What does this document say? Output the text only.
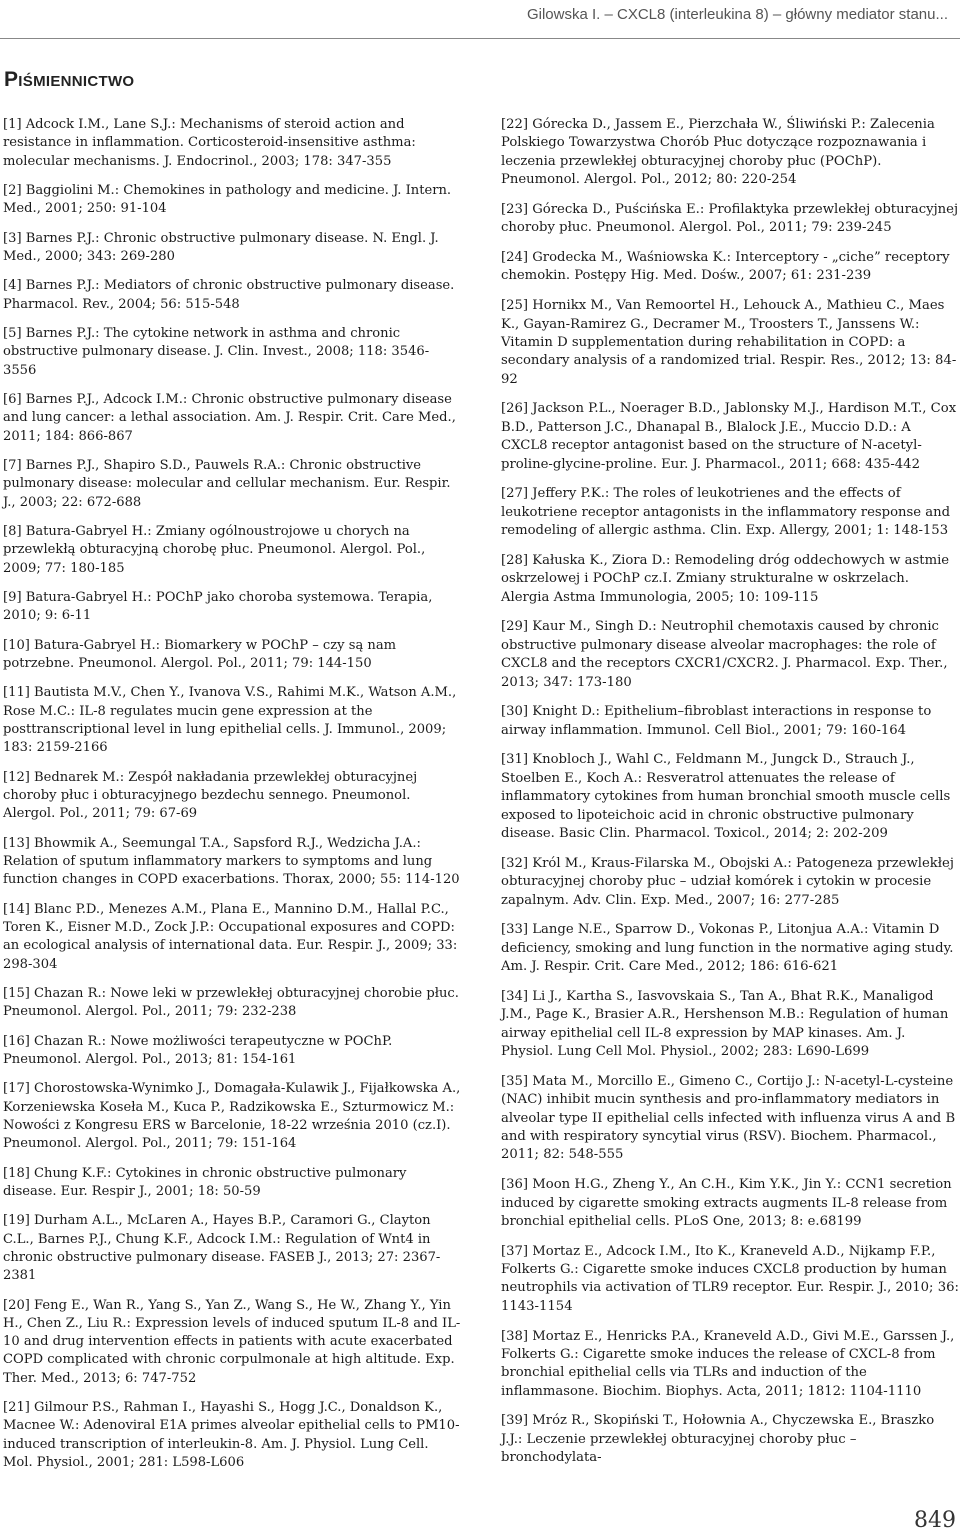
Gilowska I. – CXCL8 (interleukina 8) – główny mediator stanu...
Piśmiennictwo

[1] Adcock I.M., Lane S.J.: Mechanisms of steroid action and resistance in inflammation. Corticosteroid-insensitive asthma: molecular mechanisms. J. Endocrinol., 2003; 178: 347-355

[2] Baggiolini M.: Chemokines in pathology and medicine. J. Intern. Med., 2001; 250: 91-104

[3] Barnes P.J.: Chronic obstructive pulmonary disease. N. Engl. J. Med., 2000; 343: 269-280

[4] Barnes P.J.: Mediators of chronic obstructive pulmonary disease. Pharmacol. Rev., 2004; 56: 515-548

[5] Barnes P.J.: The cytokine network in asthma and chronic obstructive pulmonary disease. J. Clin. Invest., 2008; 118: 3546-3556

[6] Barnes P.J., Adcock I.M.: Chronic obstructive pulmonary disease and lung cancer: a lethal association. Am. J. Respir. Crit. Care Med., 2011; 184: 866-867

[7] Barnes P.J., Shapiro S.D., Pauwels R.A.: Chronic obstructive pulmonary disease: molecular and cellular mechanism. Eur. Respir. J., 2003; 22: 672-688

[8] Batura-Gabryel H.: Zmiany ogólnoustrojowe u chorych na przewlekłą obturacyjną chorobę płuc. Pneumonol. Alergol. Pol., 2009; 77: 180-185

[9] Batura-Gabryel H.: POChP jako choroba systemowa. Terapia, 2010; 9: 6-11

[10] Batura-Gabryel H.: Biomarkery w POChP – czy są nam potrzebne. Pneumonol. Alergol. Pol., 2011; 79: 144-150

[11] Bautista M.V., Chen Y., Ivanova V.S., Rahimi M.K., Watson A.M., Rose M.C.: IL-8 regulates mucin gene expression at the posttranscriptional level in lung epithelial cells. J. Immunol., 2009; 183: 2159-2166

[12] Bednarek M.: Zespół nakładania przewlekłej obturacyjnej choroby płuc i obturacyjnego bezdechu sennego. Pneumonol. Alergol. Pol., 2011; 79: 67-69

[13] Bhowmik A., Seemungal T.A., Sapsford R.J., Wedzicha J.A.: Relation of sputum inflammatory markers to symptoms and lung function changes in COPD exacerbations. Thorax, 2000; 55: 114-120

[14] Blanc P.D., Menezes A.M., Plana E., Mannino D.M., Hallal P.C., Toren K., Eisner M.D., Zock J.P.: Occupational exposures and COPD: an ecological analysis of international data. Eur. Respir. J., 2009; 33: 298-304

[15] Chazan R.: Nowe leki w przewlekłej obturacyjnej chorobie płuc. Pneumonol. Alergol. Pol., 2011; 79: 232-238

[16] Chazan R.: Nowe możliwości terapeutyczne w POChP. Pneumonol. Alergol. Pol., 2013; 81: 154-161

[17] Chorostowska-Wynimko J., Domagała-Kulawik J., Fijałkowska A., Korzeniewska Koseła M., Kuca P., Radzikowska E., Szturmowicz M.: Nowości z Kongresu ERS w Barcelonie, 18-22 września 2010 (cz.I). Pneumonol. Alergol. Pol., 2011; 79: 151-164

[18] Chung K.F.: Cytokines in chronic obstructive pulmonary disease. Eur. Respir J., 2001; 18: 50-59

[19] Durham A.L., McLaren A., Hayes B.P., Caramori G., Clayton C.L., Barnes P.J., Chung K.F., Adcock I.M.: Regulation of Wnt4 in chronic obstructive pulmonary disease. FASEB J., 2013; 27: 2367-2381

[20] Feng E., Wan R., Yang S., Yan Z., Wang S., He W., Zhang Y., Yin H., Chen Z., Liu R.: Expression levels of induced sputum IL-8 and IL-10 and drug intervention effects in patients with acute exacerbated COPD complicated with chronic corpulmonale at high altitude. Exp. Ther. Med., 2013; 6: 747-752

[21] Gilmour P.S., Rahman I., Hayashi S., Hogg J.C., Donaldson K., Macnee W.: Adenoviral E1A primes alveolar epithelial cells to PM10-induced transcription of interleukin-8. Am. J. Physiol. Lung Cell. Mol. Physiol., 2001; 281: L598-L606

[22] Górecka D., Jassem E., Pierzchała W., Śliwiński P.: Zalecenia Polskiego Towarzystwa Chorób Płuc dotyczące rozpoznawania i leczenia przewlekłej obturacyjnej choroby płuc (POChP). Pneumonol. Alergol. Pol., 2012; 80: 220-254

[23] Górecka D., Puścińska E.: Profilaktyka przewlekłej obturacyjnej choroby płuc. Pneumonol. Alergol. Pol., 2011; 79: 239-245

[24] Grodecka M., Waśniowska K.: Interceptory - „ciche” receptory chemokin. Postępy Hig. Med. Dośw., 2007; 61: 231-239

[25] Hornikx M., Van Remoortel H., Lehouck A., Mathieu C., Maes K., Gayan-Ramirez G., Decramer M., Troosters T., Janssens W.: Vitamin D supplementation during rehabilitation in COPD: a secondary analysis of a randomized trial. Respir. Res., 2012; 13: 84-92

[26] Jackson P.L., Noerager B.D., Jablonsky M.J., Hardison M.T., Cox B.D., Patterson J.C., Dhanapal B., Blalock J.E., Muccio D.D.: A CXCL8 receptor antagonist based on the structure of N-acetyl-proline-glycine-proline. Eur. J. Pharmacol., 2011; 668: 435-442

[27] Jeffery P.K.: The roles of leukotrienes and the effects of leukotriene receptor antagonists in the inflammatory response and remodeling of allergic asthma. Clin. Exp. Allergy, 2001; 1: 148-153

[28] Kałuska K., Ziora D.: Remodeling dróg oddechowych w astmie oskrzelowej i POChP cz.I. Zmiany strukturalne w oskrzelach. Alergia Astma Immunologia, 2005; 10: 109-115

[29] Kaur M., Singh D.: Neutrophil chemotaxis caused by chronic obstructive pulmonary disease alveolar macrophages: the role of CXCL8 and the receptors CXCR1/CXCR2. J. Pharmacol. Exp. Ther., 2013; 347: 173-180

[30] Knight D.: Epithelium–fibroblast interactions in response to airway inflammation. Immunol. Cell Biol., 2001; 79: 160-164

[31] Knobloch J., Wahl C., Feldmann M., Jungck D., Strauch J., Stoelben E., Koch A.: Resveratrol attenuates the release of inflammatory cytokines from human bronchial smooth muscle cells exposed to lipoteichoic acid in chronic obstructive pulmonary disease. Basic Clin. Pharmacol. Toxicol., 2014; 2: 202-209

[32] Król M., Kraus-Filarska M., Obojski A.: Patogeneza przewlekłej obturacyjnej choroby płuc – udział komórek i cytokin w procesie zapalnym. Adv. Clin. Exp. Med., 2007; 16: 277-285

[33] Lange N.E., Sparrow D., Vokonas P., Litonjua A.A.: Vitamin D deficiency, smoking and lung function in the normative aging study. Am. J. Respir. Crit. Care Med., 2012; 186: 616-621

[34] Li J., Kartha S., Iasvovskaia S., Tan A., Bhat R.K., Manaligod J.M., Page K., Brasier A.R., Hershenson M.B.: Regulation of human airway epithelial cell IL-8 expression by MAP kinases. Am. J. Physiol. Lung Cell Mol. Physiol., 2002; 283: L690-L699

[35] Mata M., Morcillo E., Gimeno C., Cortijo J.: N-acetyl-L-cysteine (NAC) inhibit mucin synthesis and pro-inflammatory mediators in alveolar type II epithelial cells infected with influenza virus A and B and with respiratory syncytial virus (RSV). Biochem. Pharmacol., 2011; 82: 548-555

[36] Moon H.G., Zheng Y., An C.H., Kim Y.K., Jin Y.: CCN1 secretion induced by cigarette smoking extracts augments IL-8 release from bronchial epithelial cells. PLoS One, 2013; 8: e.68199

[37] Mortaz E., Adcock I.M., Ito K., Kraneveld A.D., Nijkamp F.P., Folkerts G.: Cigarette smoke induces CXCL8 production by human neutrophils via activation of TLR9 receptor. Eur. Respir. J., 2010; 36: 1143-1154

[38] Mortaz E., Henricks P.A., Kraneveld A.D., Givi M.E., Garssen J., Folkerts G.: Cigarette smoke induces the release of CXCL-8 from bronchial epithelial cells via TLRs and induction of the inflammasone. Biochim. Biophys. Acta, 2011; 1812: 1104-1110

[39] Mróz R., Skopiński T., Hołownia A., Chyczewska E., Braszko J.J.: Leczenie przewlekłej obturacyjnej choroby płuc – bronchodylata-

849
